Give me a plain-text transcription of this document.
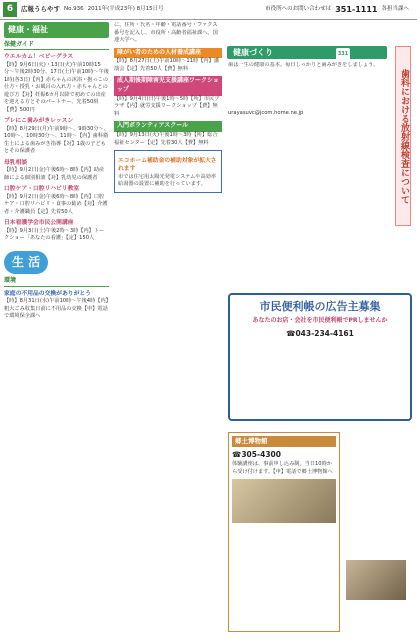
6	広報うらやす No.936 2011年(平成23年) 8月15日号	市役所へのお問い合わせは 351-1111 各担当課へ
健康・福祉
保健ガイド
ウエルカム！ベビーグラス
【時】9月6日(火)・13日(火)午前10時15分〜午後2時30分、17日(土)午前10時〜午後1時(各3日)【内】赤ちゃんの沐浴・抱っこの仕方・授乳・お風呂の入れ方・赤ちゃんとの遊び方【対】妊娠6カ月以降で初めての出産を迎える方とそのパートナー、先着50組【費】500円
プレにこ歯みがきレッスン
【時】8月29日(月)午前9時〜、9時30分〜、10時〜、10時30分〜、11時〜【内】歯科衛生士による歯みがき指導【対】1歳の子どもとその保護者
母乳相談
【時】9月2日(金)午後6時〜8時【内】助産師による個別相談【対】乳幼児の保護者
口腔ケア・口腔リハビリ教室
【時】9月2日(金)午後6時〜8時【内】口腔ケア・口腔リハビリ・食事の勧め【対】介護者・介護職員【定】先着50人
日本看護学会市民公開講座
【時】9月3日(土)午後2時〜3時【内】トークショー「あなたの看護」【定】150人
生 活
環境
家庭の不用品の交換がありがとう
【時】8月31日(水)午前10時〜午後4時【内】粗大ごみ収集日前に不用品の交換【申】電話で環境保全課へ
に、住所・氏名・年齢・電話番号・ファクス番号を記入し、市役所・高齢者福祉課へ。国連大学へ。
障がい者のための人材養成講座
【時】8月27日(土)午前10時〜11時【内】講演会【定】先着50人【費】無料
成人期後期障害児支援講座ワークショップ
【時】9月4日(日)午後1時〜5時【所】市民プラザ【内】就労支援ワークショップ【費】無料
入門ボランティアスクール
【時】9月13日(火)午後1時〜3時【所】総合福祉センター【定】先着30人【費】無料
エコホーム補助金の補助対象が拡大されます
市では住宅用太陽光発電システムや高効率給湯器の設置に補助を行っています。
健康づくり	331
歯は一生の健康の基本。毎日しっかりと歯みがきをしましょう。
urayasuvc@jcom.home.ne.jp	歯科における放射線検査について
市民便利帳の広告主募集
あなたのお店・会社を市民便利帳でPRしませんか
☎043-234-4161
郷土博物館
☎305-4300
体験講座は、事前申し込み制。当日10時から受け付けます。【申】電話で郷土博物館へ
